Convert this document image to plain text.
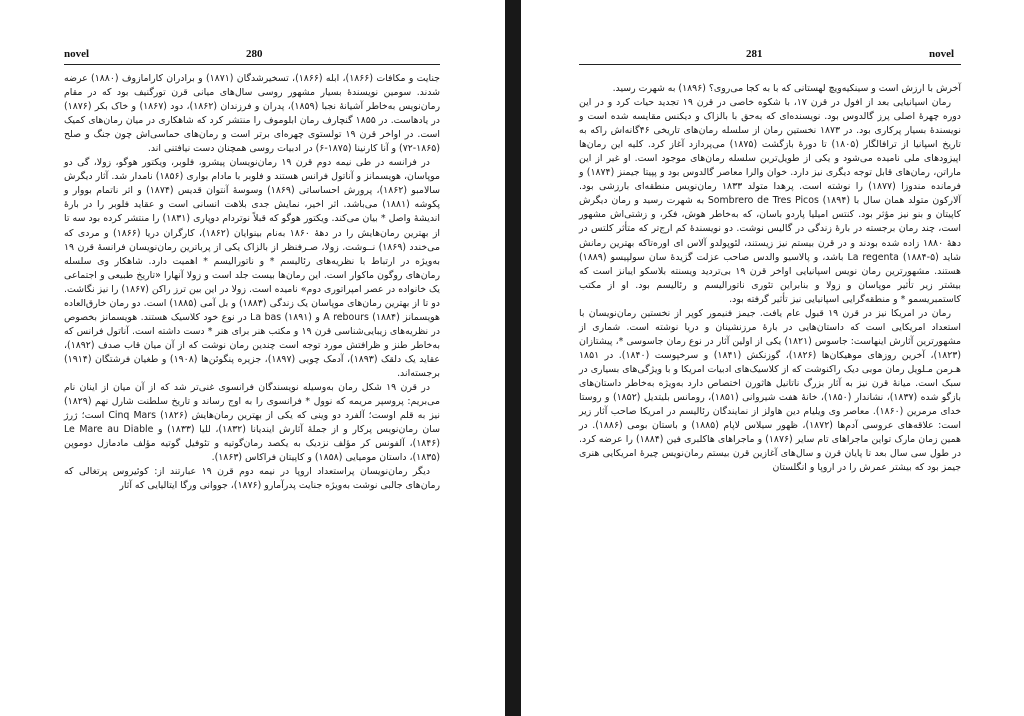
novel	280

جنایت و مکافات (۱۸۶۶)، ابله (۱۸۶۶)، تسخیرشدگان (۱۸۷۱) و برادران کارامازوف (۱۸۸۰) عرضه شدند. سومین نویسندهٔ بسیار مشهور روسی سال‌های میانی قرن تورگنیف بود که در مقام رمان‌نویس به‌خاطر آشیانهٔ نجبا (۱۸۵۹)، پدران و فرزندان (۱۸۶۲)، دود (۱۸۶۷) و خاک بکر (۱۸۷۶) در یادهاست. در ۱۸۵۵ گنچارف رمان ابلوموف را منتشر کرد که شاهکاری در میان رمان‌های کمیک است. در اواخر قرن ۱۹ تولستوی چهره‌ای برتر است و رمان‌های حماسی‌اش چون جنگ و صلح (۱۸۶۵-۷۲) و آنا کارنینا (۱۸۷۵-۶) در ادبیات روسی همچنان دست نیافتنی اند.

در فرانسه در طی نیمه دوم قرن ۱۹ رمان‌نویسان پیشرو، فلوبر، ویکتور هوگو، زولا، گی دو موپاسان، هویسمانز و آناتول فرانس هستند و فلوبر با مادام بواری (۱۸۵۶) نامدار شد. آثار دیگرش سالامبو (۱۸۶۲)، پرورش احساساتی (۱۸۶۹) وسوسهٔ آنتوان قدیس (۱۸۷۴) و اثر ناتمام بووار و پکوشه (۱۸۸۱) می‌باشد. اثر اخیر، نمایش جدی بلاهت انسانی است و عقاید فلوبر را در بارهٔ اندیشهٔ واصل * بیان می‌کند. ویکتور هوگو که قبلاً نوتردام دوپاری (۱۸۳۱) را منتشر کرده بود سه تا از بهترین رمان‌هایش را در دههٔ ۱۸۶۰ به‌نام بینوایان (۱۸۶۲)، کارگران دریا (۱۸۶۶) و مردی که می‌خندد (۱۸۶۹) نــوشت. زولا، صـرفنظر از بالزاک یکی از پرباترین رمان‌نویسان فرانسهٔ قرن ۱۹ به‌ویژه در ارتباط با نظریه‌های رئالیسم * و ناتورالیسم * اهمیت دارد. شاهکار وی سلسله رمان‌های روگون ماکوار است. این رمان‌ها بیست جلد است و زولا آنهارا «تاریخ طبیعی و اجتماعی یک خانواده در عصر امپراتوری دوم» نامیده است. زولا در این بین ترز راکن (۱۸۶۷) را نیز نگاشت. دو تا از بهترین رمان‌های موپاسان یک زندگی (۱۸۸۳) و بل آمی (۱۸۸۵) است. دو رمان خارق‌العاده هویسمانز A rebours (۱۸۸۴) و La bas (۱۸۹۱) در نوع خود کلاسیک هستند. هویسمانز بخصوص در نظریه‌های زیبایی‌شناسی قرن ۱۹ و مکتب هنر برای هنر * دست داشته است. آناتول فرانس که به‌خاطر طنز و ظرافتش مورد توجه است چندین رمان نوشت که از آن میان قاب صدف (۱۸۹۲)، عقاید یک دلقک (۱۸۹۳)، آدمک چوبی (۱۸۹۷)، جزیره پنگوئن‌ها (۱۹۰۸) و طغیان فرشتگان (۱۹۱۴) برجسته‌اند.

در قرن ۱۹ شکل رمان به‌وسیله نویسندگان فرانسوی غنی‌تر شد که از آن میان از اینان نام می‌بریم: پروسپر مریمه که نوول * فرانسوی را به اوج رساند و تاریخ سلطنت شارل نهم (۱۸۲۹) نیز به قلم اوست؛ آلفرد دو وینی که یکی از بهترین رمان‌هایش Cinq Mars (۱۸۲۶) است؛ ژرژ سان رمان‌نویس پرکار و از جملهٔ آثارش ایندیانا (۱۸۳۲)، للیا (۱۸۳۳) و Le Mare au Diable (۱۸۴۶)، آلفونس کر مؤلف نزدیک به یکصد رمان‌گوتیه و تئوفیل گوتیه مؤلف مادمازل دوموپن (۱۸۳۵)، داستان مومیایی (۱۸۵۸) و کاپیتان فراکاس (۱۸۶۳).

دیگر رمان‌نویسان پراستعداد اروپا در نیمه دوم قرن ۱۹ عبارتند از: کوئیروس پرتغالی که رمان‌های جالبی نوشت به‌ویژه جنایت پدرآمارو (۱۸۷۶)، جووانی ورگا ایتالیایی که آثار

281	novel

آخرش با ارزش است و سینکیه‌ویچ لهستانی که با به کجا می‌روی؟ (۱۸۹۶) به شهرت رسید.

رمان اسپانیایی بعد از افول در قرن ۱۷، با شکوه خاصی در قرن ۱۹ تجدید حیات کرد و در این دوره چهرهٔ اصلی پرز گالدوس بود. نویسنده‌ای که به‌حق با بالزاک و دیکنس مقایسه شده است و نویسندهٔ بسیار پرکاری بود. در ۱۸۷۳ نخستین رمان از سلسله رمان‌های تاریخی ۴۶گانه‌اش راکه به تاریخ اسپانیا از ترافالگار (۱۸۰۵) تا دورهٔ بازگشت (۱۸۷۵) می‌پردازد آغاز کرد. کلیه این رمان‌ها اپیزودهای ملی نامیده می‌شود و یکی از طویل‌ترین سلسله رمان‌های موجود است. او غیر از این ماراتن، رمان‌های قابل توجه دیگری نیز دارد. خوان والرا معاصر گالدوس بود و پپیتا جیمنز (۱۸۷۴) و فرمانده مندوزا (۱۸۷۷) را نوشته است. پرهدا متولد ۱۸۳۳ رمان‌نویس منطقه‌ای بارزشی بود. آلارکون متولد همان سال با Sombrero de Tres Picos (۱۸۹۴) به شهرت رسید و رمان دیگرش کاپیتان و بنو نیز مؤثر بود. کنتس امیلیا پاردو باسان، که به‌خاطر هوش، فکر، و زشتی‌اش مشهور است، چند رمان برجسته در بارهٔ زندگی در گالیس نوشت. دو نویسندهٔ کم ارج‌تر که متأثر کلتس در دههٔ ۱۸۸۰ زاده شده بودند و در قرن بیستم نیز زیستند، لئوپولدو آلاس ای اوره‌تاکه بهترین رمانش شاید La regenta (۱۸۸۴-۵) باشد، و پالاسیو والدس صاحب عزلت گزیدهٔ سان سولپیسو (۱۸۸۹) هستند. مشهورترین رمان نویس اسپانیایی اواخر قرن ۱۹ بی‌تردید ویسنته بلاسکو ایبانز است که بیشتر زیر تأثیر موپاسان و زولا و بنابراین تئوری ناتورالیسم و رئالیسم بود. او از مکتب کاستمبریسمو * و منطقه‌گرایی اسپانیایی نیز تأثیر گرفته بود.

رمان در امریکا نیز در قرن ۱۹ قبول عام یافت. جیمز فنیمور کوپر از نخستین رمان‌نویسان با استعداد امریکایی است که داستان‌هایی در بارهٔ مرزنشینان و دریا نوشته است. شماری از مشهورترین آثارش اینهاست: جاسوس (۱۸۲۱) یکی از اولین آثار در نوع رمان جاسوسی *، پیشتازان (۱۸۲۳)، آخرین روزهای موهیکان‌ها (۱۸۲۶)، گوزنکش (۱۸۴۱) و سرخپوست (۱۸۴۰). در ۱۸۵۱ هـرمن مـلویل رمان موبی دیک راکنوشت که از کلاسیک‌های ادبیات امریکا و با ویژگی‌های بسیاری در سبک است. میانهٔ قرن نیز به آثار بزرگ ناتانیل هاثورن اختصاص دارد به‌ویژه به‌خاطر داستان‌های بازگو شده (۱۸۳۷)، نشاندار (۱۸۵۰)، خانهٔ هفت شیروانی (۱۸۵۱)، رومانس بلیتدیل (۱۸۵۲) و روستا خدای مرمرین (۱۸۶۰). معاصر وی ویلیام دین هاولز از نمایندگان رئالیسم در امریکا صاحب آثار زیر است: علاقه‌های عروسی آدم‌ها (۱۸۷۲)، ظهور سیلاس لاپام (۱۸۸۵) و باستان بومی (۱۸۸۶). در همین زمان مارک تواین ماجراهای تام سایر (۱۸۷۶) و ماجراهای هاکلبری فین (۱۸۸۴) را عرضه کرد. در طول سی سال بعد تا پایان قرن و سال‌های آغازین قرن بیستم رمان‌نویس چیرهٔ امریکایی هنری جیمز بود که بیشتر عمرش را در اروپا و انگلستان
